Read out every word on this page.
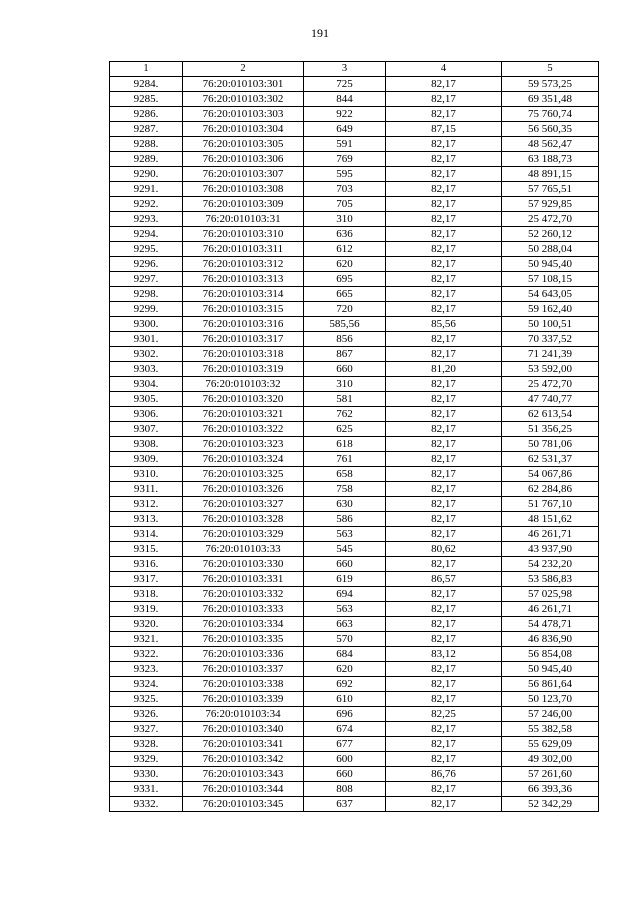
191
1	2	3	4	5
9284.	76:20:010103:301	725	82,17	59 573,25
9285.	76:20:010103:302	844	82,17	69 351,48
9286.	76:20:010103:303	922	82,17	75 760,74
9287.	76:20:010103:304	649	87,15	56 560,35
9288.	76:20:010103:305	591	82,17	48 562,47
9289.	76:20:010103:306	769	82,17	63 188,73
9290.	76:20:010103:307	595	82,17	48 891,15
9291.	76:20:010103:308	703	82,17	57 765,51
9292.	76:20:010103:309	705	82,17	57 929,85
9293.	76:20:010103:31	310	82,17	25 472,70
9294.	76:20:010103:310	636	82,17	52 260,12
9295.	76:20:010103:311	612	82,17	50 288,04
9296.	76:20:010103:312	620	82,17	50 945,40
9297.	76:20:010103:313	695	82,17	57 108,15
9298.	76:20:010103:314	665	82,17	54 643,05
9299.	76:20:010103:315	720	82,17	59 162,40
9300.	76:20:010103:316	585,56	85,56	50 100,51
9301.	76:20:010103:317	856	82,17	70 337,52
9302.	76:20:010103:318	867	82,17	71 241,39
9303.	76:20:010103:319	660	81,20	53 592,00
9304.	76:20:010103:32	310	82,17	25 472,70
9305.	76:20:010103:320	581	82,17	47 740,77
9306.	76:20:010103:321	762	82,17	62 613,54
9307.	76:20:010103:322	625	82,17	51 356,25
9308.	76:20:010103:323	618	82,17	50 781,06
9309.	76:20:010103:324	761	82,17	62 531,37
9310.	76:20:010103:325	658	82,17	54 067,86
9311.	76:20:010103:326	758	82,17	62 284,86
9312.	76:20:010103:327	630	82,17	51 767,10
9313.	76:20:010103:328	586	82,17	48 151,62
9314.	76:20:010103:329	563	82,17	46 261,71
9315.	76:20:010103:33	545	80,62	43 937,90
9316.	76:20:010103:330	660	82,17	54 232,20
9317.	76:20:010103:331	619	86,57	53 586,83
9318.	76:20:010103:332	694	82,17	57 025,98
9319.	76:20:010103:333	563	82,17	46 261,71
9320.	76:20:010103:334	663	82,17	54 478,71
9321.	76:20:010103:335	570	82,17	46 836,90
9322.	76:20:010103:336	684	83,12	56 854,08
9323.	76:20:010103:337	620	82,17	50 945,40
9324.	76:20:010103:338	692	82,17	56 861,64
9325.	76:20:010103:339	610	82,17	50 123,70
9326.	76:20:010103:34	696	82,25	57 246,00
9327.	76:20:010103:340	674	82,17	55 382,58
9328.	76:20:010103:341	677	82,17	55 629,09
9329.	76:20:010103:342	600	82,17	49 302,00
9330.	76:20:010103:343	660	86,76	57 261,60
9331.	76:20:010103:344	808	82,17	66 393,36
9332.	76:20:010103:345	637	82,17	52 342,29
